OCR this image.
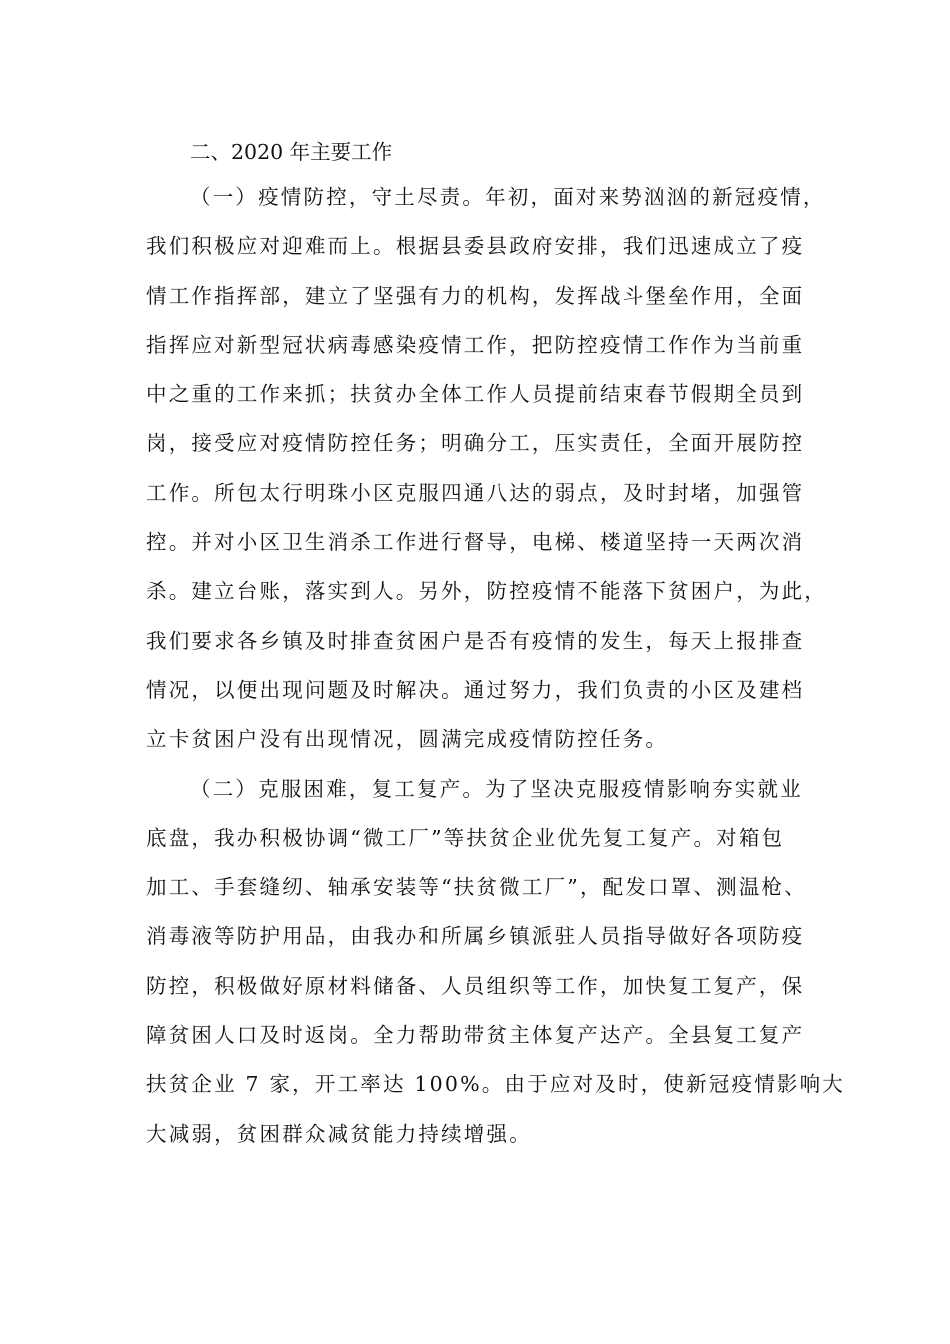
二、2020 年主要工作
（一）疫情防控，守土尽责。年初，面对来势汹汹的新冠疫情，
我们积极应对迎难而上。根据县委县政府安排，我们迅速成立了疫
情工作指挥部，建立了坚强有力的机构，发挥战斗堡垒作用，全面
指挥应对新型冠状病毒感染疫情工作，把防控疫情工作作为当前重
中之重的工作来抓；扶贫办全体工作人员提前结束春节假期全员到
岗，接受应对疫情防控任务；明确分工，压实责任，全面开展防控
工作。所包太行明珠小区克服四通八达的弱点，及时封堵，加强管
控。并对小区卫生消杀工作进行督导，电梯、楼道坚持一天两次消
杀。建立台账，落实到人。另外，防控疫情不能落下贫困户，为此，
我们要求各乡镇及时排查贫困户是否有疫情的发生，每天上报排查
情况，以便出现问题及时解决。通过努力，我们负责的小区及建档
立卡贫困户没有出现情况，圆满完成疫情防控任务。
（二）克服困难，复工复产。为了坚决克服疫情影响夯实就业
底盘，我办积极协调“微工厂”等扶贫企业优先复工复产。对箱包
加工、手套缝纫、轴承安装等“扶贫微工厂”，配发口罩、测温枪、
消毒液等防护用品，由我办和所属乡镇派驻人员指导做好各项防疫
防控，积极做好原材料储备、人员组织等工作，加快复工复产，保
障贫困人口及时返岗。全力帮助带贫主体复产达产。全县复工复产
扶贫企业 7 家，开工率达 100%。由于应对及时，使新冠疫情影响大
大减弱，贫困群众减贫能力持续增强。
